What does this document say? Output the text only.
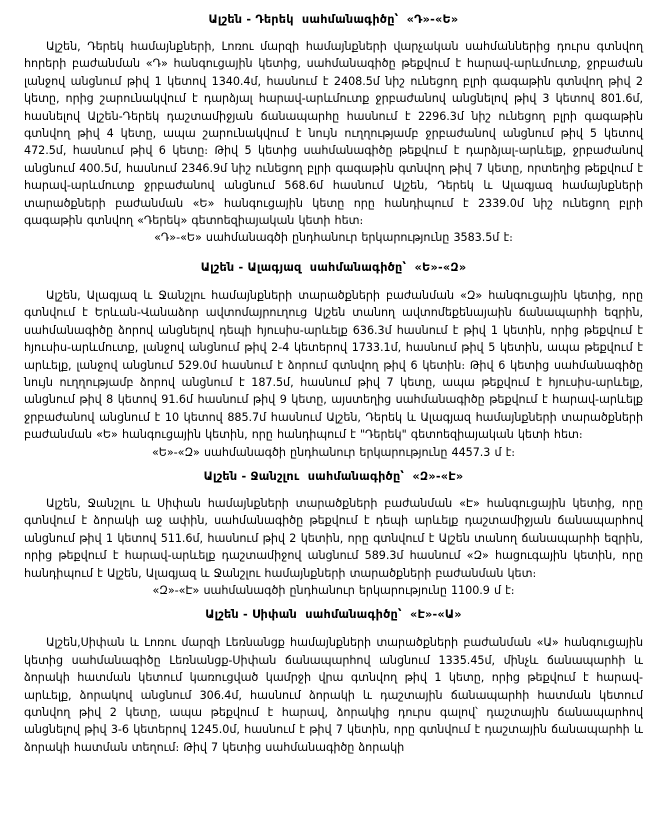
Ալշեն - Դերեկ  սահմանագիծը՝  «Դ»-«Ե»

Ալշեն, Դերեկ համայնքների, Լոռու մարզի համայնքների վարչական սահմաններից դուրս գտնվող հորերի բաժանման «Դ» հանգուցային կետից, սահմանագիծը թեքվում է հարավ-արևմուտք, ջրբաժան լանջով անցնում թիվ 1 կետով 1340.4մ, հասնում է 2408.5մ նիշ ունեցող բլրի գագաթին գտնվող թիվ 2 կետը, որից շարունակվում է դարձյալ հարավ-արևմուտք ջրբաժանով անցնելով թիվ 3 կետով 801.6մ, հասնելով Ալշեն-Դերեկ դաշտամիջյան ճանապարհը հասնում է 2296.3մ նիշ ունեցող բլրի գագաթին գտնվող թիվ 4 կետը, ապա շարունակվում է նույն ուղղությամբ ջրբաժանով անցնում թիվ 5 կետով 472.5մ, հասնում թիվ 6 կետը։ Թիվ 5 կետից սահմանագիծը թեքվում է դարձյալ-արևելք, ջրբաժանով անցնում 400.5մ, հասնում 2346.9մ նիշ ունեցող բլրի գագաթին գտնվող թիվ 7 կետը, որտեղից թեքվում է հարավ-արևմուտք ջրբաժանով անցնում 568.6մ հասնում Ալշեն, Դերեկ և Ալագյազ համայնքների տարածքների բաժանման «Ե» հանգուցային կետը որը հանդիպում է 2339.0մ նիշ ունեցող բլրի գագաթին գտնվող «Դերեկ» գետոեզիայական կետի հետ։

«Դ»-«Ե» սահմանագծի ընդհանուր երկարությունը 3583.5մ է։

Ալշեն - Ալագյազ  սահմանագիծը՝  «Ե»-«Զ»

Ալշեն, Ալագյազ և Ջանշլու համայնքների տարածքների բաժանման «Զ» հանգուցային կետից, որը գտնվում է Երևան-Վանաձոր ավտոմայրուղուց Ալշեն տանող ավտոմեքենայաին ճանապարհի եզրին, սահմանագիծը ձորով անցնելով դեպի հյուսիս-արևելք 636.3մ հասնում է թիվ 1 կետին, որից թեքվում է հյուսիս-արևմուտք, լանջով անցնում թիվ 2-4 կետերով 1733.1մ, հասնում թիվ 5 կետին, ապա թեքվում է արևելք, լանջով անցնում 529.0մ հասնում է ձորում գտնվող թիվ 6 կետին։ Թիվ 6 կետից սահմանագիծը նույն ուղղությամբ ձորով անցնում է 187.5մ, հասնում թիվ 7 կետը, ապա թեքվում է հյուսիս-արևելք, անցնում թիվ 8 կետով 91.6մ հասնում թիվ 9 կետը, այստեղից սահմանագիծը թեքվում է հարավ-արևելք ջրբաժանով անցնում է 10 կետով 885.7մ հասնում Ալշեն, Դերեկ և Ալագյազ համայնքների տարածքների բաժանման «Ե» հանգուցային կետին, որը հանդիպում է "Դերեկ" գետոեզիայական կետի հետ։

«Ե»-«Զ» սահմանագծի ընդհանուր երկարությունը 4457.3 մ է։

Ալշեն - Ջանշլու  սահմանագիծը՝  «Զ»-«Է»

Ալշեն, Ջանշլու և Սիփան համայնքների տարածքների բաժանման «Է» հանգուցային կետից, որը գտնվում է ձորակի աջ ափին, սահմանագիծը թեքվում է դեպի արևելք դաշտամիջյան ճանապարհով անցնում թիվ 1 կետով 511.6մ, հասնում թիվ 2 կետին, որը գտնվում է Ալշեն տանող ճանապարհի եզրին, որից թեքվում է հարավ-արևելք դաշտամիջով անցնում 589.3մ հասնում «Զ» հացուգային կետին, որը հանդիպում է Ալշեն, Ալագյազ և Ջանշլու համայնքների տարածքների բաժանման կետ։

«Զ»-«Է» սահմանագծի ընդհանուր երկարությունը 1100.9 մ է։

Ալշեն - Սիփան  սահմանագիծը՝  «Է»-«Ա»

Ալշեն,Սիփան և Լոռու մարզի Լեռնանցք համայնքների տարածքների բաժանման «Ա» հանգուցային կետից սահմանագիծը Լեռնանցք-Սիփան ճանապարհով անցնում 1335.45մ, մինչև ճանապարհի և ձորակի հատման կետում կառուցված կամրջի վրա գտնվող թիվ 1 կետը, որից թեքվում է հարավ-արևելք, ձորակով անցնում 306.4մ, հասնում ձորակի և դաշտային ճանապարհի հատման կետում գտնվող թիվ 2 կետը, ապա թեքվում է հարավ, ձորակից դուրս գալով՝ դաշտային ճանապարհով անցնելով թիվ 3-6 կետերով 1245.0մ, հասնում է թիվ 7 կետին, որը գտնվում է դաշտային ճանապարհի և ձորակի հատման տեղում։ Թիվ 7 կետից սահմանագիծը ձորակի
